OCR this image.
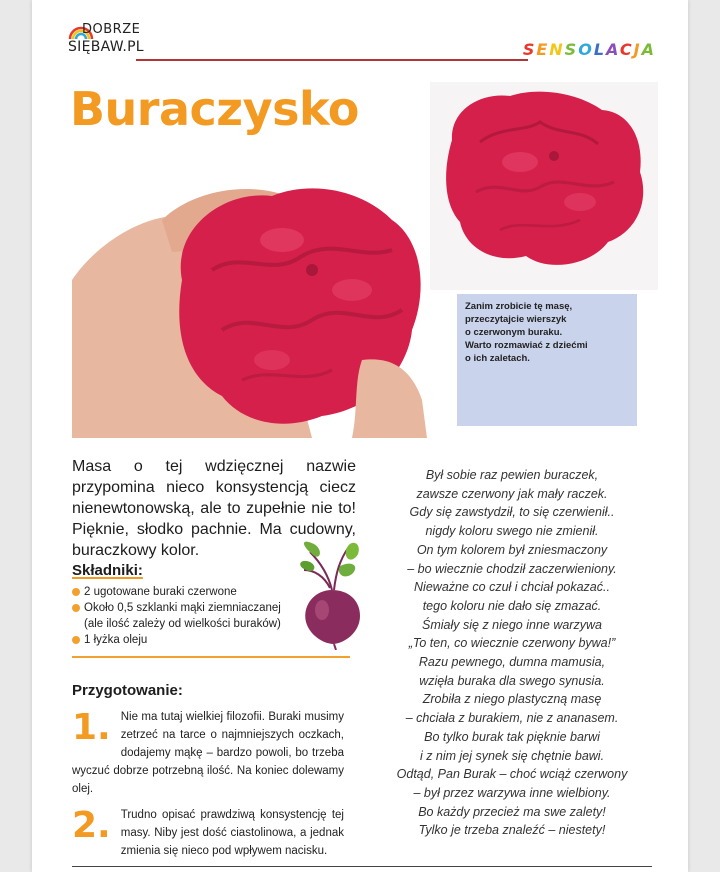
DOBRZE
SIĘBAW.PL	SENSOLACJA
Buraczysko
Zanim zrobicie tę masę,
przeczytajcie wierszyk
o czerwonym buraku.
Warto rozmawiać z dziećmi
o ich zaletach.
Masa o tej wdzięcznej nazwie przypomina nieco konsystencją ciecz nienewtonowską, ale to zupełnie nie to! Pięknie, słodko pachnie. Ma cudowny, buraczkowy kolor.
Składniki:
2 ugotowane buraki czerwone
Około 0,5 szklanki mąki ziemniaczanej
(ale ilość zależy od wielkości buraków)
1 łyżka oleju
Przygotowanie:
1. Nie ma tutaj wielkiej filozofii. Buraki musimy zetrzeć na tarce o najmniejszych oczkach, dodajemy mąkę – bardzo powoli, bo trzeba wyczuć dobrze potrzebną ilość. Na koniec dolewamy olej.
2. Trudno opisać prawdziwą konsystencję tej masy. Niby jest dość ciastolinowa, a jednak zmienia się nieco pod wpływem nacisku.
Był sobie raz pewien buraczek,
zawsze czerwony jak mały raczek.
Gdy się zawstydził, to się czerwienił..
nigdy koloru swego nie zmienił.
On tym kolorem był zniesmaczony
– bo wiecznie chodził zaczerwieniony.
Nieważne co czuł i chciał pokazać..
tego koloru nie dało się zmazać.
Śmiały się z niego inne warzywa
„To ten, co wiecznie czerwony bywa!”
Razu pewnego, dumna mamusia,
wzięła buraka dla swego synusia.
Zrobiła z niego plastyczną masę
– chciała z burakiem, nie z ananasem.
Bo tylko burak tak pięknie barwi
i z nim jej synek się chętnie bawi.
Odtąd, Pan Burak – choć wciąż czerwony
– był przez warzywa inne wielbiony.
Bo każdy przecież ma swe zalety!
Tylko je trzeba znaleźć – niestety!
